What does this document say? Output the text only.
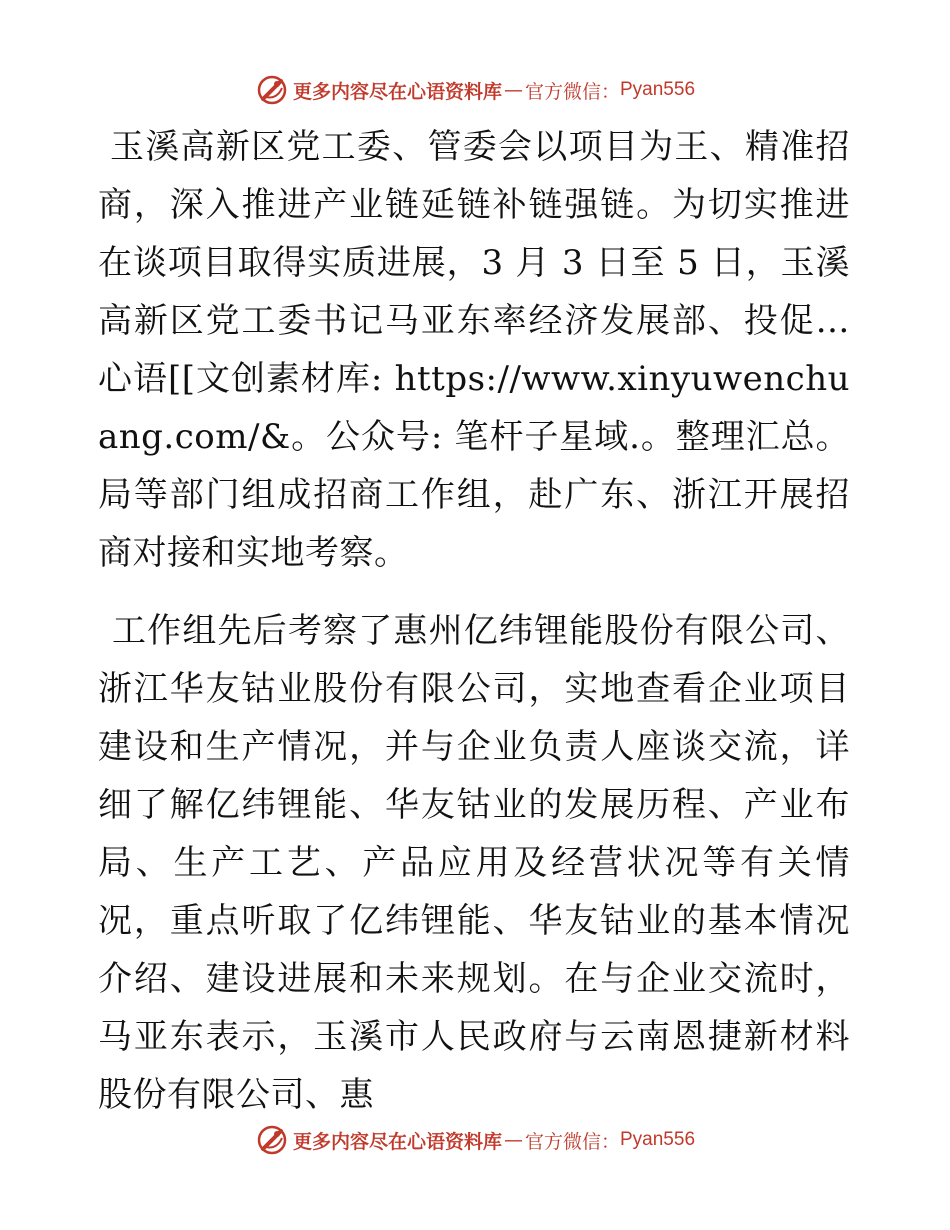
更多内容尽在心语资料库 — 官方微信： Pyan556

玉溪高新区党工委、管委会以项目为王、精准招商，深入推进产业链延链补链强链。为切实推进在谈项目取得实质进展，3 月 3 日至 5 日，玉溪高新区党工委书记马亚东率经济发展部、投促…心语[[文创素材库: https://www.xinyuwenchuang.com/&。公众号: 笔杆子星域.。整理汇总。局等部门组成招商工作组，赴广东、浙江开展招商对接和实地考察。

工作组先后考察了惠州亿纬锂能股份有限公司、浙江华友钴业股份有限公司，实地查看企业项目建设和生产情况，并与企业负责人座谈交流，详细了解亿纬锂能、华友钴业的发展历程、产业布局、生产工艺、产品应用及经营状况等有关情况，重点听取了亿纬锂能、华友钴业的基本情况介绍、建设进展和未来规划。在与企业交流时，马亚东表示，玉溪市人民政府与云南恩捷新材料股份有限公司、惠

更多内容尽在心语资料库 — 官方微信： Pyan556
